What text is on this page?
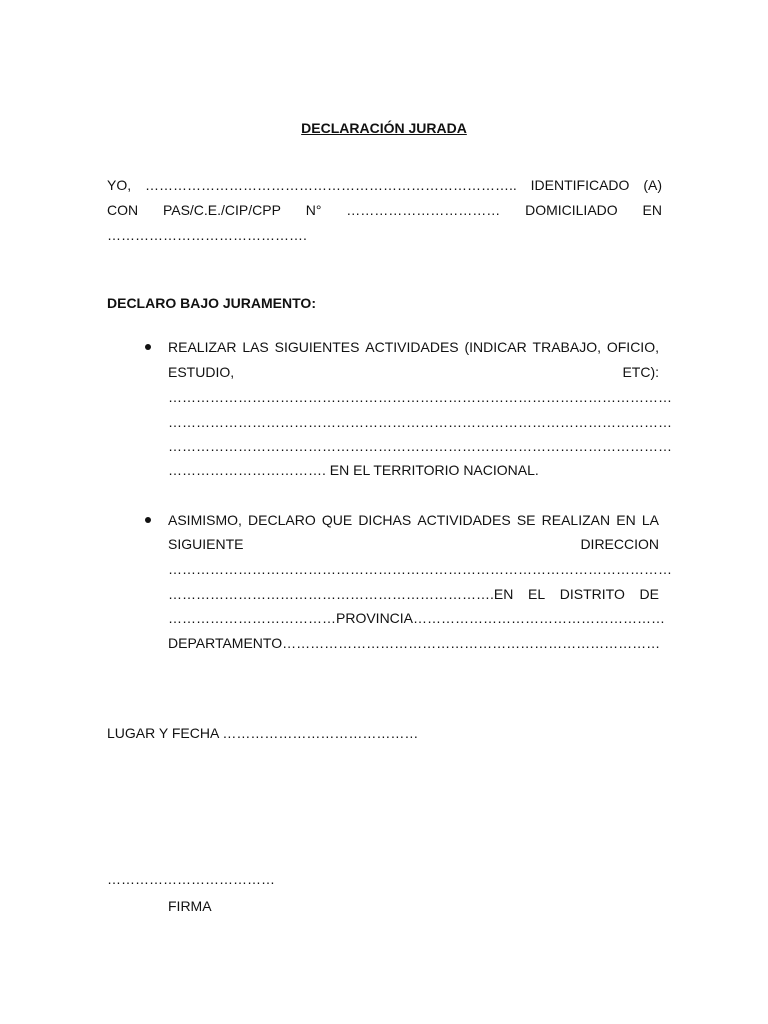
DECLARACIÓN JURADA
YO, …………………………………………………………………….. IDENTIFICADO (A)
CON PAS/C.E./CIP/CPP N° …………………………… DOMICILIADO EN
…………………………………….
DECLARO BAJO JURAMENTO:
REALIZAR LAS SIGUIENTES ACTIVIDADES (INDICAR TRABAJO, OFICIO,
ESTUDIO,	ETC):
………………………………………………………………………………………………
………………………………………………………………………………………………
………………………………………………………………………………………………
……………………………. EN EL TERRITORIO NACIONAL.
ASIMISMO, DECLARO QUE DICHAS ACTIVIDADES SE REALIZAN EN LA
SIGUIENTE	DIRECCION
………………………………………………………………………………………………
…………………………………………………………….EN EL DISTRITO DE
………………………………PROVINCIA………………………………………………
DEPARTAMENTO………………………………………………………………………
LUGAR Y FECHA ……………………………………
………………………………
FIRMA
